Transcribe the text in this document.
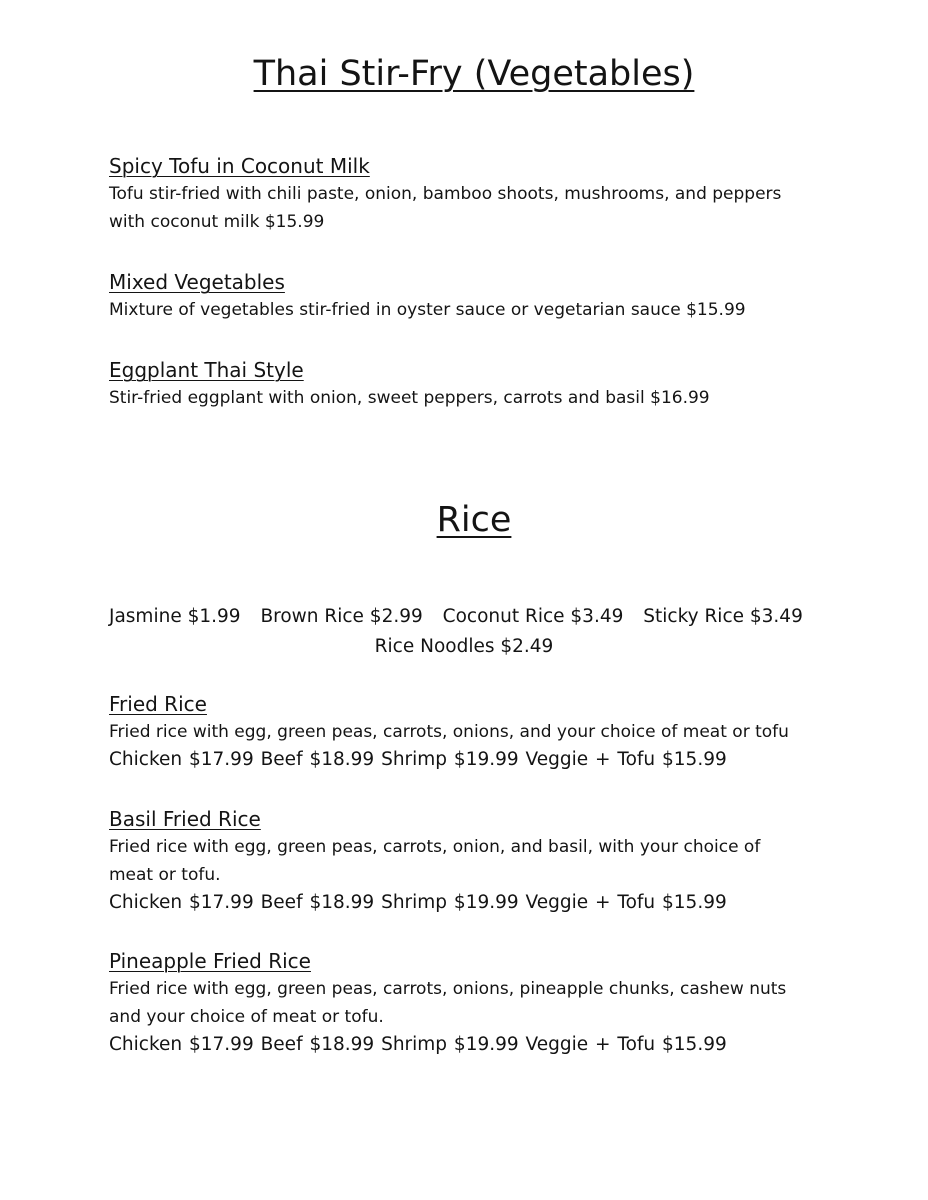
Thai Stir-Fry (Vegetables)
Spicy Tofu in Coconut Milk
Tofu stir-fried with chili paste, onion, bamboo shoots, mushrooms, and peppers
with coconut milk $15.99
Mixed Vegetables
Mixture of vegetables stir-fried in oyster sauce or vegetarian sauce $15.99
Eggplant Thai Style
Stir-fried eggplant with onion, sweet peppers, carrots and basil $16.99
Rice
Jasmine $1.99 Brown Rice $2.99 Coconut Rice $3.49 Sticky Rice $3.49
Rice Noodles $2.49
Fried Rice
Fried rice with egg, green peas, carrots, onions, and your choice of meat or tofu
Chicken $17.99 Beef $18.99 Shrimp $19.99 Veggie + Tofu $15.99
Basil Fried Rice
Fried rice with egg, green peas, carrots, onion, and basil, with your choice of
meat or tofu.
Chicken $17.99 Beef $18.99 Shrimp $19.99 Veggie + Tofu $15.99
Pineapple Fried Rice
Fried rice with egg, green peas, carrots, onions, pineapple chunks, cashew nuts
and your choice of meat or tofu.
Chicken $17.99 Beef $18.99 Shrimp $19.99 Veggie + Tofu $15.99
